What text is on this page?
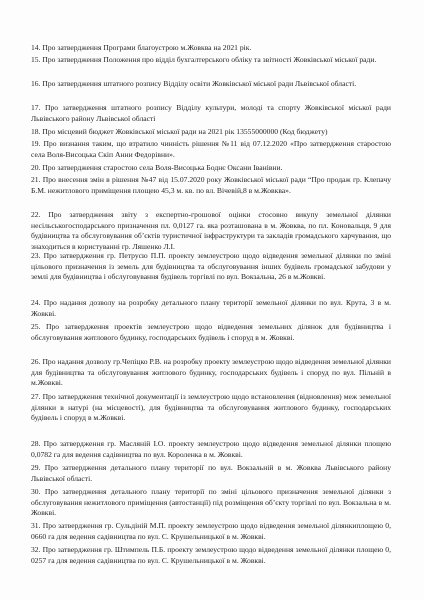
14. Про затвердження Програми благоустрою м.Жовква на 2021 рік.
15. Про затвердження Положення про відділ бухгалтерського обліку та звітності Жовківської міської ради.
16. Про затвердження штатного розпису Відділу освіти Жовківської міської ради Львівської області.
17. Про затвердження штатного розпису Відділу культури, молоді та спорту Жовківської міської ради Львівського району Львівської області
18. Про місцевий бюджет Жовківської міської ради на 2021 рік 13555000000 (Код бюджету)
19. Про визнання таким, що втратило чинність рішення №11 від 07.12.2020 «Про затвердження старостою села Воля-Висоцька Скіп Анни Федорівни».
20. Про затвердження старостою села Воля-Висоцька Боднє Оксани Іванівни.
21. Про внесення змін в рішення №47 від 15.07.2020 року Жовківської міської ради “Про продаж гр. Клепачу Б.М. нежитлового приміщення площею 45,3 м. кв. по вл. Вічевій,8 в м.Жовква».
22. Про затвердження звіту з експертно-грошової оцінки стосовно викупу земельної ділянки несільськогосподарського призначення пл. 0,0127 га. яка розташована в м. Жовква, по пл. Коновальця, 9 для будівництва та обслуговування об’єктів туристичної інфраструктури та закладів громадського харчування, що знаходиться в користуванні гр. Ляшенко Л.І.
23. Про затвердження гр. Петрусю П.П. проекту землеустрою щодо відведення земельної ділянки по зміні цільового призначення із земель для будівництва та обслуговування інших будівель громадської забудови у землі для будівництва і обслуговування будівель торгівлі по вул. Вокзальна, 26 в м.Жовкві.
24. Про надання дозволу на розробку детального плану території земельної ділянки по вул. Крута, 3 в м. Жовкві.
25. Про затвердження проектів землеустрою щодо відведення земельних ділянок для будівництва і обслуговування житлового будинку, господарських будівель і споруд в м. Жовкві.
26. Про надання дозволу гр.Чепіцко Р.В. на розробку проекту землеустрою щодо відведення земельної ділянки для будівництва та обслуговування житлового будинку, господарських будівель і споруд по вул. Пільній в м.Жовкві.
27. Про затвердження технічної документації із землеустрою щодо встановлення (відновлення) меж земельної ділянки в натурі (на місцевості), для будівництва та обслуговування житлового будинку, господарських будівель і споруд в м.Жовкві.
28. Про затвердження гр. Масляній І.О. проекту землеустрою щодо відведення земельної ділянки площею 0,0782 га для ведення садівництва по вул. Короленка в м. Жовкві.
29. Про затвердження детального плану території по вул. Вокзальній в м. Жовква Львівського району Львівської області.
30. Про затвердження детального плану території по зміні цільового призначення земельної ділянки з обслуговування нежитлового приміщення (автостанції) під розміщення об’єкту торгівлі по вул. Вокзальна в м. Жовкві.
31. Про затвердження гр. Сульдіній М.П. проекту землеустрою щодо відведення земельної ділянкиплощею 0, 0660 га для ведення садівництва по вул. С. Крушельницької в м. Жовкві.
32. Про затвердження гр. Штимпель П.Б. проекту землеустрою щодо відведення земельної ділянки площею 0, 0257 га для ведення садівництва по вул. С. Крушельницької в м. Жовкві.
